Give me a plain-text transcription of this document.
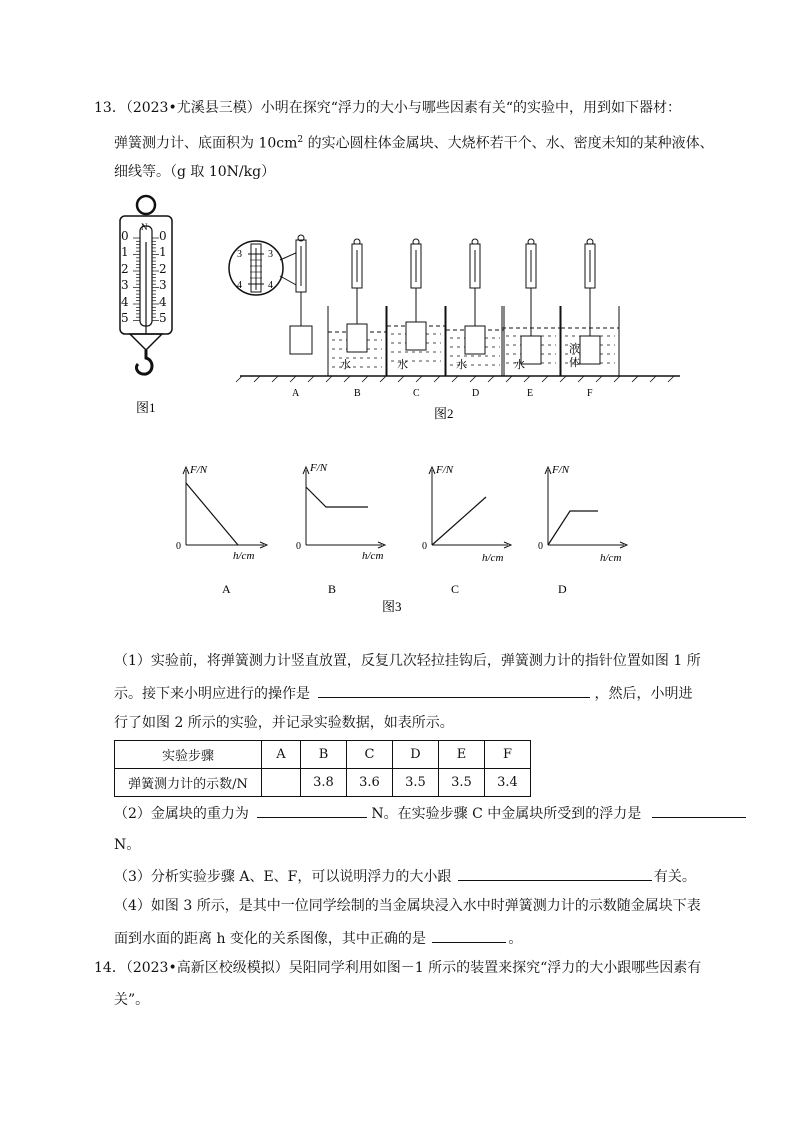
13．（2023•尤溪县三模）小明在探究“浮力的大小与哪些因素有关“的实验中，用到如下器材：
弹簧测力计、底面积为 $10cm^2$ 的实心圆柱体金属块、大烧杯若干个、水、密度未知的某种液体、
细线等。（g 取 10N/kg）
N
图1
0
1
2
3
4
5
0
1
2
3
4
5
3
4
3
4
A	B	C	D	E	F
水	水	水	水
液
体
图2
F/N
h/cm
0
A
F/N
h/cm
0
B
F/N
h/cm
0
C
F/N
h/cm
0
D
图3
（1）实验前，将弹簧测力计竖直放置，反复几次轻拉挂钩后，弹簧测力计的指针位置如图 1 所
示。接下来小明应进行的操作是	，然后，小明进
行了如图 2 所示的实验，并记录实验数据，如表所示。
实验步骤	A	B	C	D	E	F
弹簧测力计的示数/N		3.8	3.6	3.5	3.5	3.4
（2）金属块的重力为	N。在实验步骤 C 中金属块所受到的浮力是
N。
（3）分析实验步骤 A、E、F，可以说明浮力的大小跟	有关。
（4）如图 3 所示，是其中一位同学绘制的当金属块浸入水中时弹簧测力计的示数随金属块下表
面到水面的距离 h 变化的关系图像，其中正确的是	。
14．（2023•高新区校级模拟）吴阳同学利用如图－1 所示的装置来探究“浮力的大小跟哪些因素有
关”。
